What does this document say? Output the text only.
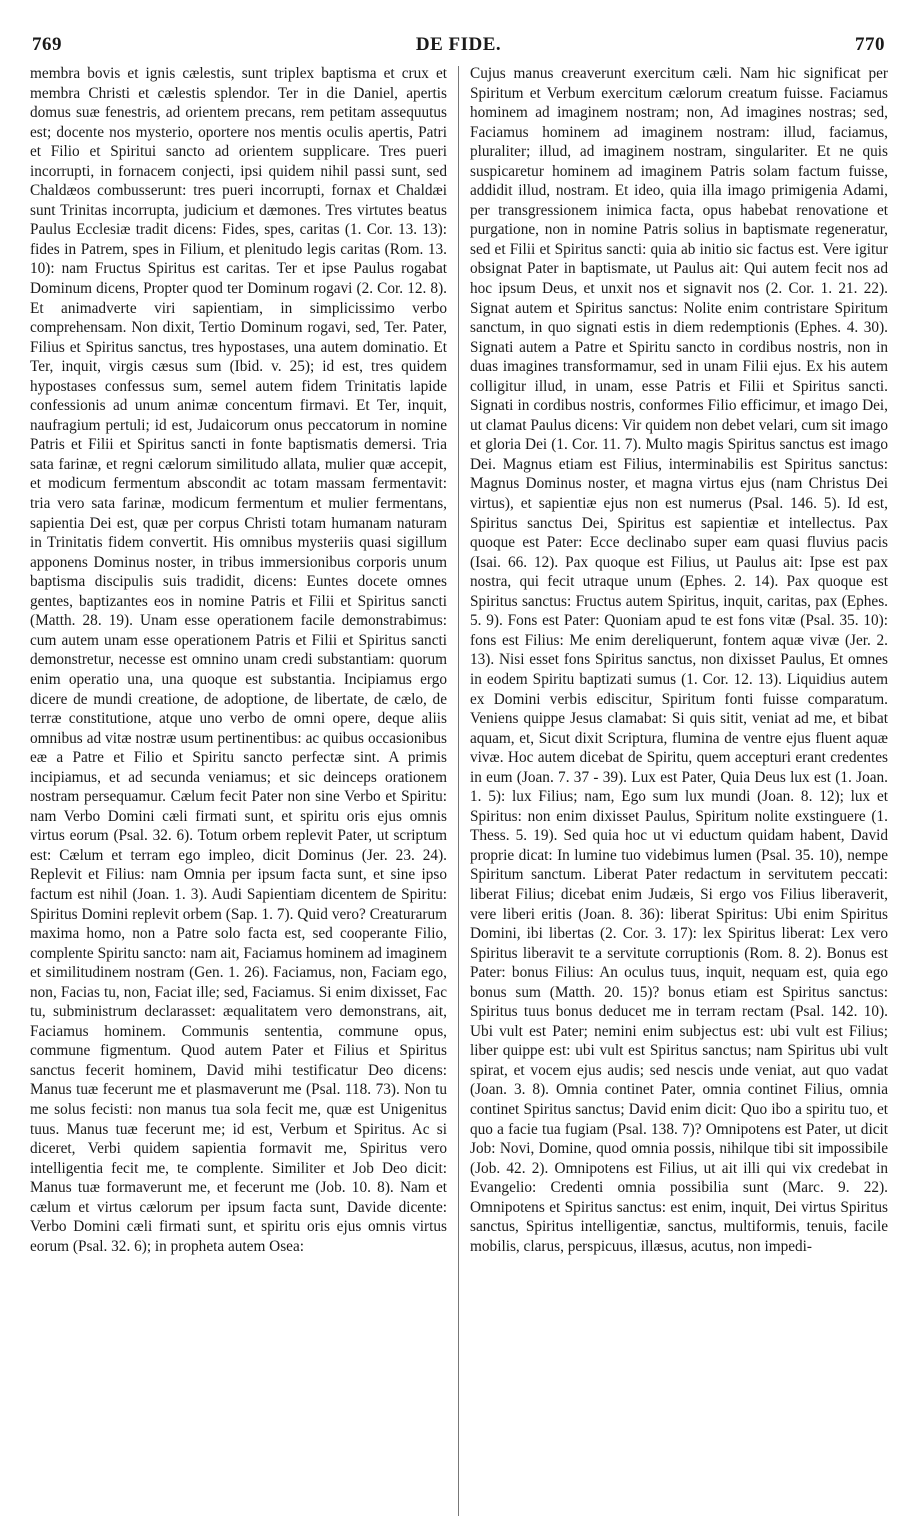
769	DE FIDE.	770

membra bovis et ignis cælestis, sunt triplex baptisma et crux et membra Christi et cælestis splendor. Ter in die Daniel, apertis domus suæ fenestris, ad orientem precans, rem petitam assequutus est; docente nos mysterio, oportere nos mentis oculis apertis, Patri et Filio et Spiritui sancto ad orientem supplicare. Tres pueri incorrupti, in fornacem conjecti, ipsi quidem nihil passi sunt, sed Chaldæos combusserunt: tres pueri incorrupti, fornax et Chaldæi sunt Trinitas incorrupta, judicium et dæmones. Tres virtutes beatus Paulus Ecclesiæ tradit dicens: Fides, spes, caritas (1. Cor. 13. 13): fides in Patrem, spes in Filium, et plenitudo legis caritas (Rom. 13. 10): nam Fructus Spiritus est caritas. Ter et ipse Paulus rogabat Dominum dicens, Propter quod ter Dominum rogavi (2. Cor. 12. 8). Et animadverte viri sapientiam, in simplicissimo verbo comprehensam. Non dixit, Tertio Dominum rogavi, sed, Ter. Pater, Filius et Spiritus sanctus, tres hypostases, una autem dominatio. Et Ter, inquit, virgis cæsus sum (Ibid. v. 25); id est, tres quidem hypostases confessus sum, semel autem fidem Trinitatis lapide confessionis ad unum animæ concentum firmavi. Et Ter, inquit, naufragium pertuli; id est, Judaicorum onus peccatorum in nomine Patris et Filii et Spiritus sancti in fonte baptismatis demersi. Tria sata farinæ, et regni cælorum similitudo allata, mulier quæ accepit, et modicum fermentum abscondit ac totam massam fermentavit: tria vero sata farinæ, modicum fermentum et mulier fermentans, sapientia Dei est, quæ per corpus Christi totam humanam naturam in Trinitatis fidem convertit. His omnibus mysteriis quasi sigillum apponens Dominus noster, in tribus immersionibus corporis unum baptisma discipulis suis tradidit, dicens: Euntes docete omnes gentes, baptizantes eos in nomine Patris et Filii et Spiritus sancti (Matth. 28. 19). Unam esse operationem facile demonstrabimus: cum autem unam esse operationem Patris et Filii et Spiritus sancti demonstretur, necesse est omnino unam credi substantiam: quorum enim operatio una, una quoque est substantia. Incipiamus ergo dicere de mundi creatione, de adoptione, de libertate, de cælo, de terræ constitutione, atque uno verbo de omni opere, deque aliis omnibus ad vitæ nostræ usum pertinentibus: ac quibus occasionibus eæ a Patre et Filio et Spiritu sancto perfectæ sint. A primis incipiamus, et ad secunda veniamus; et sic deinceps orationem nostram persequamur. Cælum fecit Pater non sine Verbo et Spiritu: nam Verbo Domini cæli firmati sunt, et spiritu oris ejus omnis virtus eorum (Psal. 32. 6). Totum orbem replevit Pater, ut scriptum est: Cælum et terram ego impleo, dicit Dominus (Jer. 23. 24). Replevit et Filius: nam Omnia per ipsum facta sunt, et sine ipso factum est nihil (Joan. 1. 3). Audi Sapientiam dicentem de Spiritu: Spiritus Domini replevit orbem (Sap. 1. 7). Quid vero? Creaturarum maxima homo, non a Patre solo facta est, sed cooperante Filio, complente Spiritu sancto: nam ait, Faciamus hominem ad imaginem et similitudinem nostram (Gen. 1. 26). Faciamus, non, Faciam ego, non, Facias tu, non, Faciat ille; sed, Faciamus. Si enim dixisset, Fac tu, subministrum declarasset: æqualitatem vero demonstrans, ait, Faciamus hominem. Communis sententia, commune opus, commune figmentum. Quod autem Pater et Filius et Spiritus sanctus fecerit hominem, David mihi testificatur Deo dicens: Manus tuæ fecerunt me et plasmaverunt me (Psal. 118. 73). Non tu me solus fecisti: non manus tua sola fecit me, quæ est Unigenitus tuus. Manus tuæ fecerunt me; id est, Verbum et Spiritus. Ac si diceret, Verbi quidem sapientia formavit me, Spiritus vero intelligentia fecit me, te complente. Similiter et Job Deo dicit: Manus tuæ formaverunt me, et fecerunt me (Job. 10. 8). Nam et cælum et virtus cælorum per ipsum facta sunt, Davide dicente: Verbo Domini cæli firmati sunt, et spiritu oris ejus omnis virtus eorum (Psal. 32. 6); in propheta autem Osea:

Cujus manus creaverunt exercitum cæli. Nam hic significat per Spiritum et Verbum exercitum cælorum creatum fuisse. Faciamus hominem ad imaginem nostram; non, Ad imagines nostras; sed, Faciamus hominem ad imaginem nostram: illud, faciamus, pluraliter; illud, ad imaginem nostram, singulariter. Et ne quis suspicaretur hominem ad imaginem Patris solam factum fuisse, addidit illud, nostram. Et ideo, quia illa imago primigenia Adami, per transgressionem inimica facta, opus habebat renovatione et purgatione, non in nomine Patris solius in baptismate regeneratur, sed et Filii et Spiritus sancti: quia ab initio sic factus est. Vere igitur obsignat Pater in baptismate, ut Paulus ait: Qui autem fecit nos ad hoc ipsum Deus, et unxit nos et signavit nos (2. Cor. 1. 21. 22). Signat autem et Spiritus sanctus: Nolite enim contristare Spiritum sanctum, in quo signati estis in diem redemptionis (Ephes. 4. 30). Signati autem a Patre et Spiritu sancto in cordibus nostris, non in duas imagines transformamur, sed in unam Filii ejus. Ex his autem colligitur illud, in unam, esse Patris et Filii et Spiritus sancti. Signati in cordibus nostris, conformes Filio efficimur, et imago Dei, ut clamat Paulus dicens: Vir quidem non debet velari, cum sit imago et gloria Dei (1. Cor. 11. 7). Multo magis Spiritus sanctus est imago Dei. Magnus etiam est Filius, interminabilis est Spiritus sanctus: Magnus Dominus noster, et magna virtus ejus (nam Christus Dei virtus), et sapientiæ ejus non est numerus (Psal. 146. 5). Id est, Spiritus sanctus Dei, Spiritus est sapientiæ et intellectus. Pax quoque est Pater: Ecce declinabo super eam quasi fluvius pacis (Isai. 66. 12). Pax quoque est Filius, ut Paulus ait: Ipse est pax nostra, qui fecit utraque unum (Ephes. 2. 14). Pax quoque est Spiritus sanctus: Fructus autem Spiritus, inquit, caritas, pax (Ephes. 5. 9). Fons est Pater: Quoniam apud te est fons vitæ (Psal. 35. 10): fons est Filius: Me enim dereliquerunt, fontem aquæ vivæ (Jer. 2. 13). Nisi esset fons Spiritus sanctus, non dixisset Paulus, Et omnes in eodem Spiritu baptizati sumus (1. Cor. 12. 13). Liquidius autem ex Domini verbis ediscitur, Spiritum fonti fuisse comparatum. Veniens quippe Jesus clamabat: Si quis sitit, veniat ad me, et bibat aquam, et, Sicut dixit Scriptura, flumina de ventre ejus fluent aquæ vivæ. Hoc autem dicebat de Spiritu, quem accepturi erant credentes in eum (Joan. 7. 37 - 39). Lux est Pater, Quia Deus lux est (1. Joan. 1. 5): lux Filius; nam, Ego sum lux mundi (Joan. 8. 12); lux et Spiritus: non enim dixisset Paulus, Spiritum nolite exstinguere (1. Thess. 5. 19). Sed quia hoc ut vi eductum quidam habent, David proprie dicat: In lumine tuo videbimus lumen (Psal. 35. 10), nempe Spiritum sanctum. Liberat Pater redactum in servitutem peccati: liberat Filius; dicebat enim Judæis, Si ergo vos Filius liberaverit, vere liberi eritis (Joan. 8. 36): liberat Spiritus: Ubi enim Spiritus Domini, ibi libertas (2. Cor. 3. 17): lex Spiritus liberat: Lex vero Spiritus liberavit te a servitute corruptionis (Rom. 8. 2). Bonus est Pater: bonus Filius: An oculus tuus, inquit, nequam est, quia ego bonus sum (Matth. 20. 15)? bonus etiam est Spiritus sanctus: Spiritus tuus bonus deducet me in terram rectam (Psal. 142. 10). Ubi vult est Pater; nemini enim subjectus est: ubi vult est Filius; liber quippe est: ubi vult est Spiritus sanctus; nam Spiritus ubi vult spirat, et vocem ejus audis; sed nescis unde veniat, aut quo vadat (Joan. 3. 8). Omnia continet Pater, omnia continet Filius, omnia continet Spiritus sanctus; David enim dicit: Quo ibo a spiritu tuo, et quo a facie tua fugiam (Psal. 138. 7)? Omnipotens est Pater, ut dicit Job: Novi, Domine, quod omnia possis, nihilque tibi sit impossibile (Job. 42. 2). Omnipotens est Filius, ut ait illi qui vix credebat in Evangelio: Credenti omnia possibilia sunt (Marc. 9. 22). Omnipotens et Spiritus sanctus: est enim, inquit, Dei virtus Spiritus sanctus, Spiritus intelligentiæ, sanctus, multiformis, tenuis, facile mobilis, clarus, perspicuus, illæsus, acutus, non impedi-
